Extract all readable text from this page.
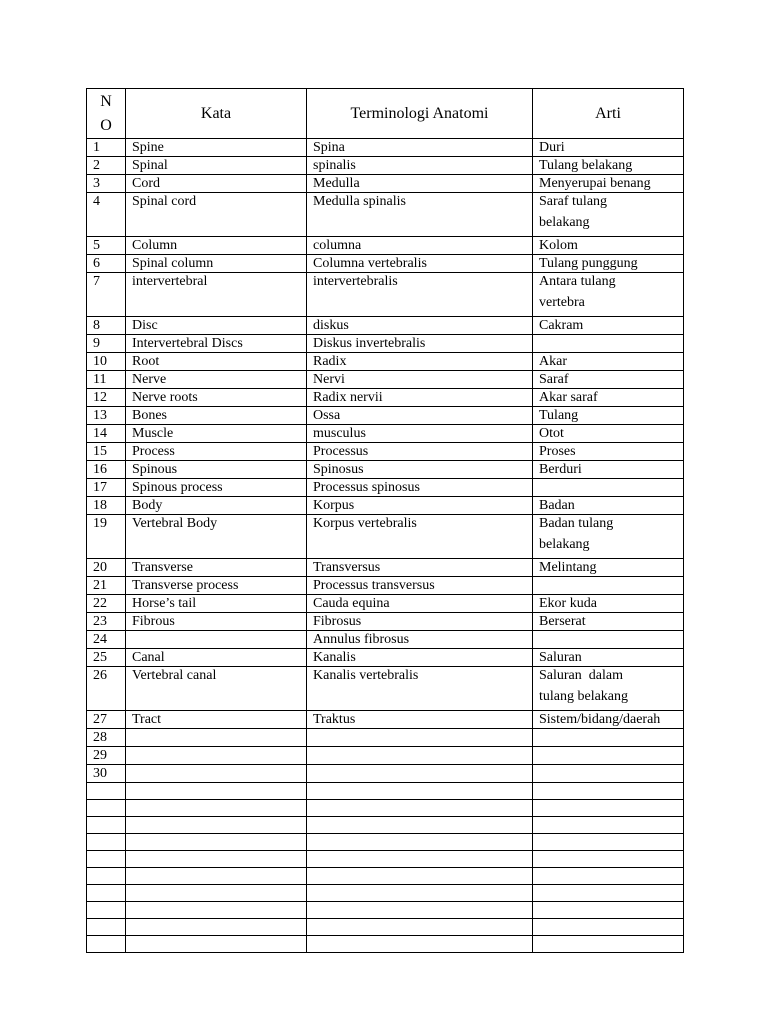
N
O	Kata	Terminologi Anatomi	Arti
1	Spine	Spina	Duri
2	Spinal	spinalis	Tulang belakang
3	Cord	Medulla	Menyerupai benang
4	Spinal cord	Medulla spinalis	Saraf tulang
belakang

5	Column	columna	Kolom
6	Spinal column	Columna vertebralis	Tulang punggung
7	intervertebral	intervertebralis	Antara tulang
vertebra

8	Disc	diskus	Cakram
9	Intervertebral Discs	Diskus invertebralis	
10	Root	Radix	Akar
11	Nerve	Nervi	Saraf
12	Nerve roots	Radix nervii	Akar saraf
13	Bones	Ossa	Tulang
14	Muscle	musculus	Otot
15	Process	Processus	Proses
16	Spinous	Spinosus	Berduri
17	Spinous process	Processus spinosus	
18	Body	Korpus	Badan
19	Vertebral Body	Korpus vertebralis	Badan tulang
belakang

20	Transverse	Transversus	Melintang
21	Transverse process	Processus transversus	
22	Horse’s tail	Cauda equina	Ekor kuda
23	Fibrous	Fibrosus	Berserat
24		Annulus fibrosus	
25	Canal	Kanalis	Saluran
26	Vertebral canal	Kanalis vertebralis	Saluran  dalam
tulang belakang

27	Tract	Traktus	Sistem/bidang/daerah
28			
29			
30			
